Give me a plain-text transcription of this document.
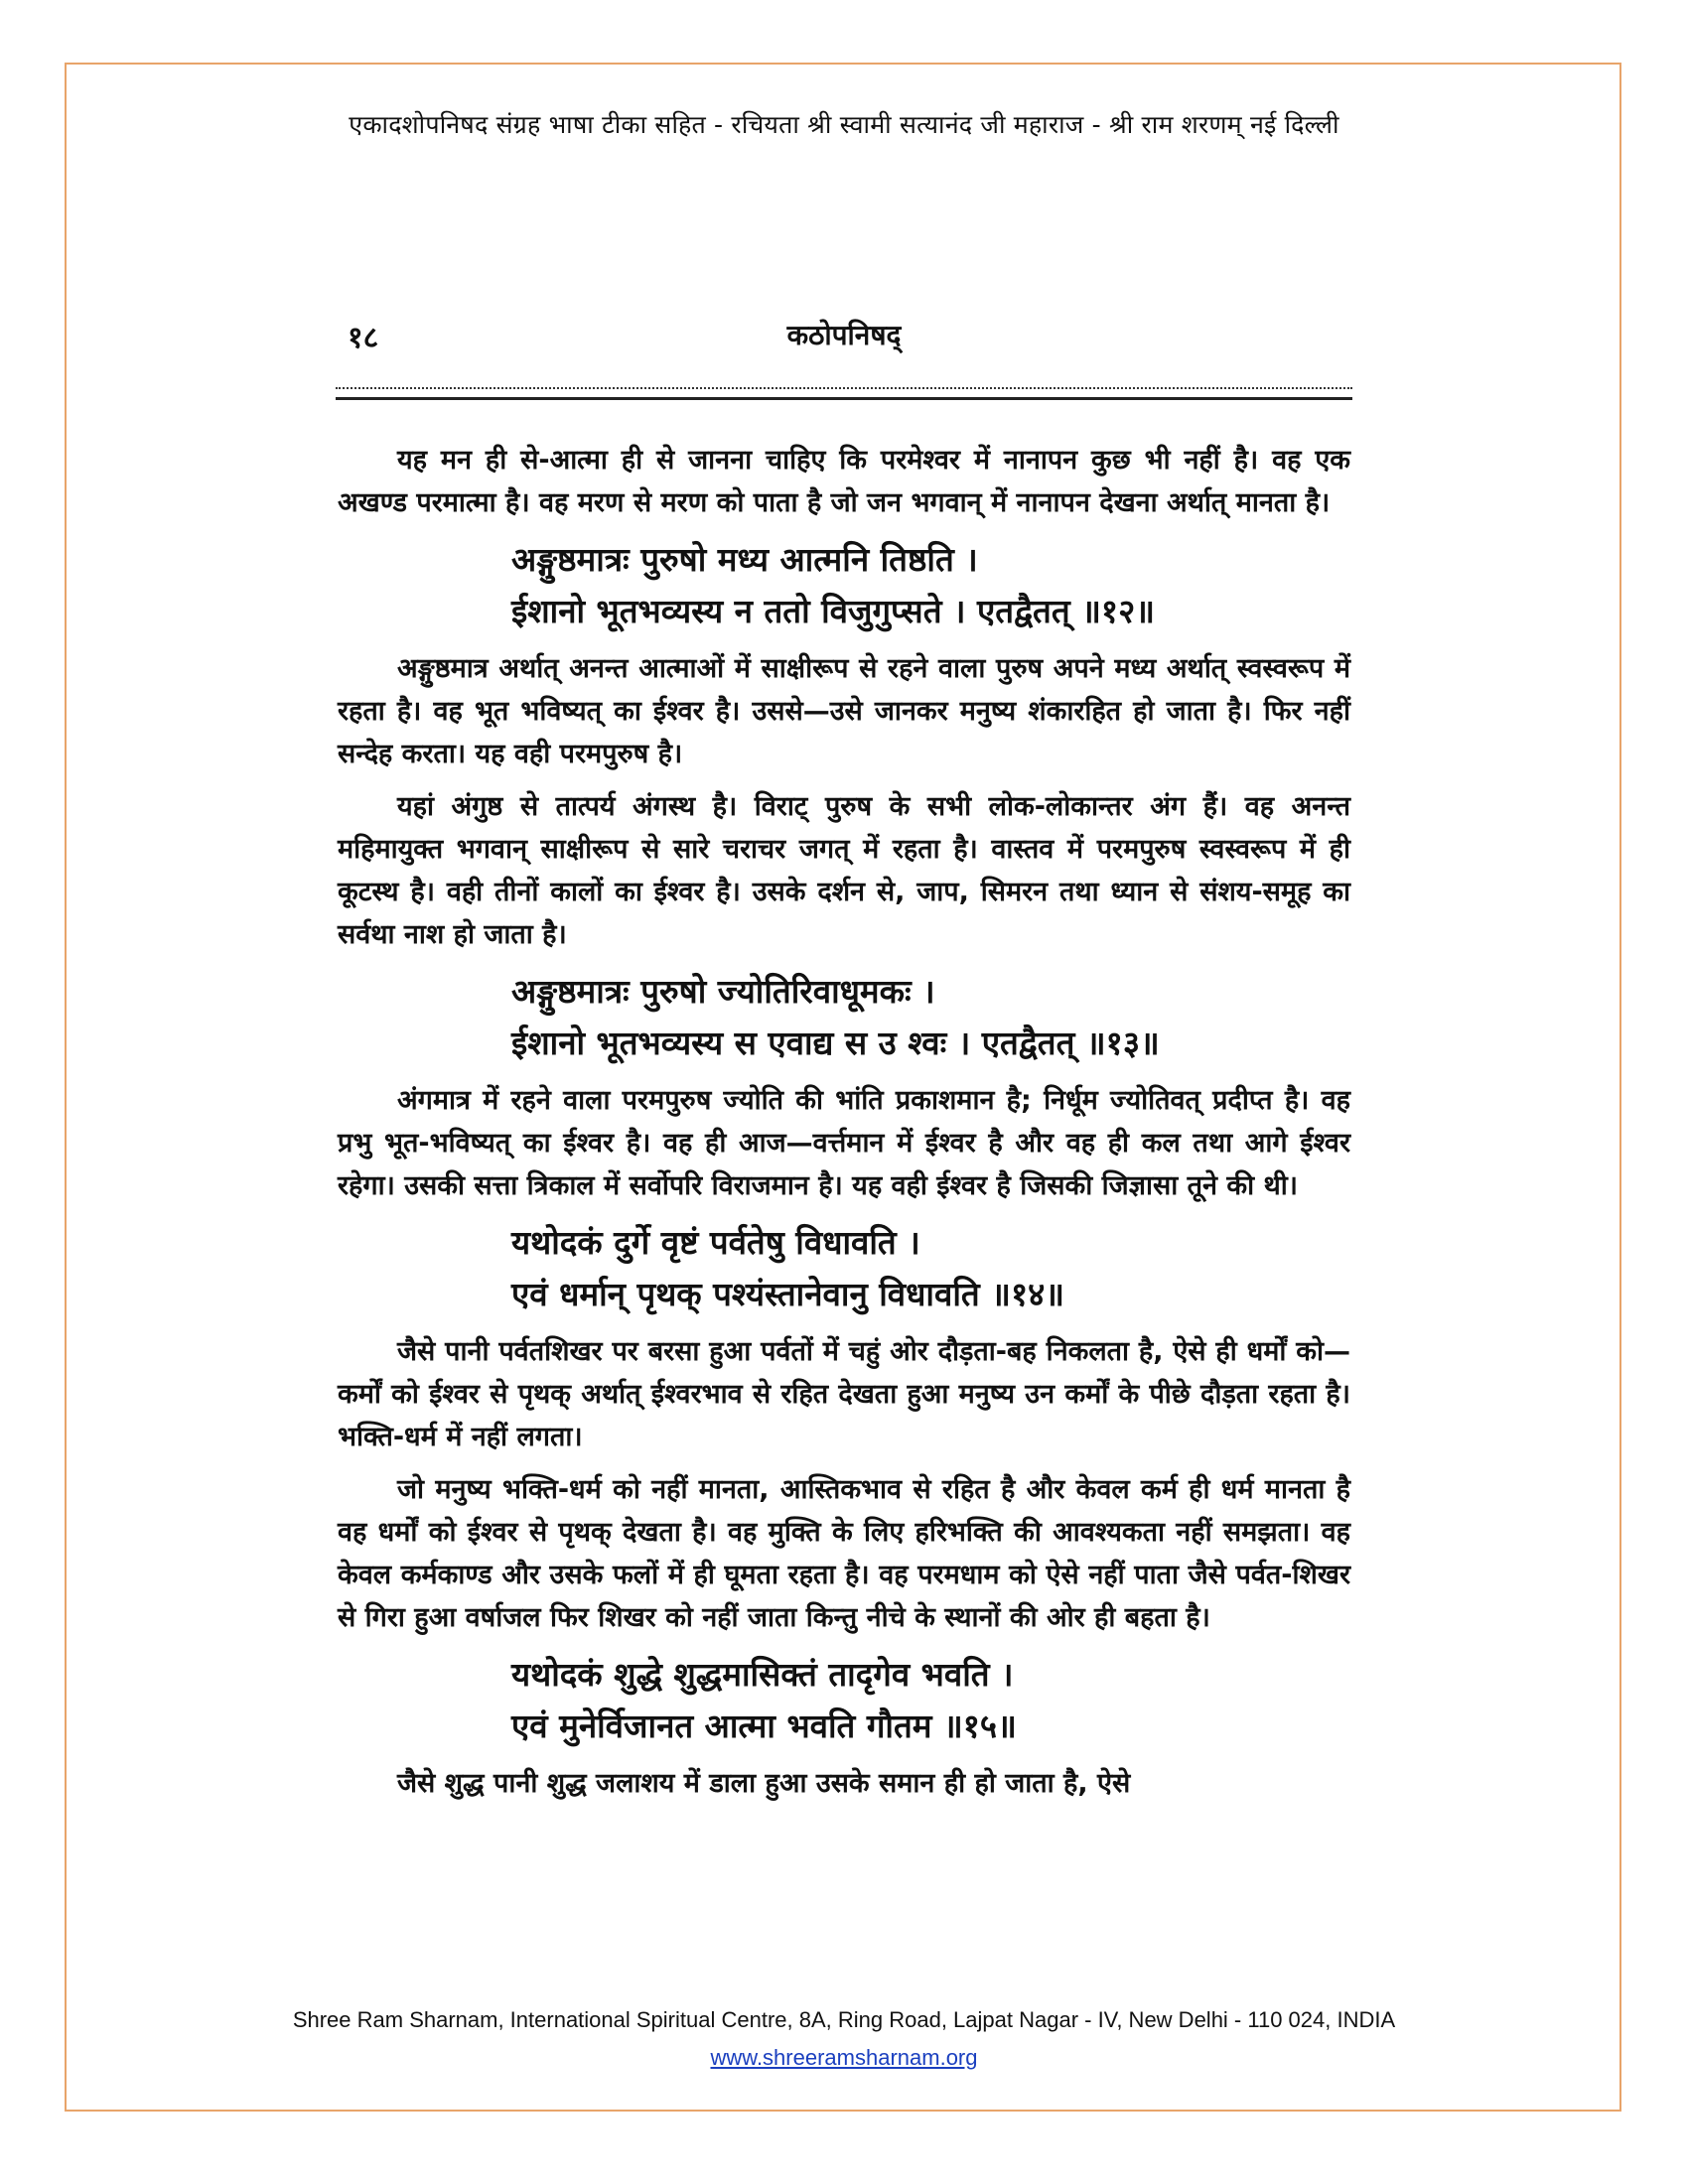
एकादशोपनिषद संग्रह भाषा टीका सहित - रचियता श्री स्वामी सत्यानंद जी महाराज - श्री राम शरणम् नई दिल्ली
१८	कठोपनिषद्

यह मन ही से-आत्मा ही से जानना चाहिए कि परमेश्वर में नानापन कुछ भी नहीं है। वह एक अखण्ड परमात्मा है। वह मरण से मरण को पाता है जो जन भगवान् में नानापन देखना अर्थात् मानता है।

अङ्गुष्ठमात्रः पुरुषो मध्य आत्मनि तिष्ठति ।
ईशानो भूतभव्यस्य न ततो विजुगुप्सते । एतद्वैतत् ॥१२॥

अङ्गुष्ठमात्र अर्थात् अनन्त आत्माओं में साक्षीरूप से रहने वाला पुरुष अपने मध्य अर्थात् स्वस्वरूप में रहता है। वह भूत भविष्यत् का ईश्वर है। उससे—उसे जानकर मनुष्य शंकारहित हो जाता है। फिर नहीं सन्देह करता। यह वही परमपुरुष है।

यहां अंगुष्ठ से तात्पर्य अंगस्थ है। विराट् पुरुष के सभी लोक-लोकान्तर अंग हैं। वह अनन्त महिमायुक्त भगवान् साक्षीरूप से सारे चराचर जगत् में रहता है। वास्तव में परमपुरुष स्वस्वरूप में ही कूटस्थ है। वही तीनों कालों का ईश्वर है। उसके दर्शन से, जाप, सिमरन तथा ध्यान से संशय-समूह का सर्वथा नाश हो जाता है।

अङ्गुष्ठमात्रः पुरुषो ज्योतिरिवाधूमकः ।
ईशानो भूतभव्यस्य स एवाद्य स उ श्वः । एतद्वैतत् ॥१३॥

अंगमात्र में रहने वाला परमपुरुष ज्योति की भांति प्रकाशमान है; निर्धूम ज्योतिवत् प्रदीप्त है। वह प्रभु भूत-भविष्यत् का ईश्वर है। वह ही आज—वर्त्तमान में ईश्वर है और वह ही कल तथा आगे ईश्वर रहेगा। उसकी सत्ता त्रिकाल में सर्वोपरि विराजमान है। यह वही ईश्वर है जिसकी जिज्ञासा तूने की थी।

यथोदकं दुर्गे वृष्टं पर्वतेषु विधावति ।
एवं धर्मान् पृथक् पश्यंस्तानेवानु विधावति ॥१४॥

जैसे पानी पर्वतशिखर पर बरसा हुआ पर्वतों में चहुं ओर दौड़ता-बह निकलता है, ऐसे ही धर्मों को—कर्मों को ईश्वर से पृथक् अर्थात् ईश्वरभाव से रहित देखता हुआ मनुष्य उन कर्मों के पीछे दौड़ता रहता है। भक्ति-धर्म में नहीं लगता।

जो मनुष्य भक्ति-धर्म को नहीं मानता, आस्तिकभाव से रहित है और केवल कर्म ही धर्म मानता है वह धर्मों को ईश्वर से पृथक् देखता है। वह मुक्ति के लिए हरिभक्ति की आवश्यकता नहीं समझता। वह केवल कर्मकाण्ड और उसके फलों में ही घूमता रहता है। वह परमधाम को ऐसे नहीं पाता जैसे पर्वत-शिखर से गिरा हुआ वर्षाजल फिर शिखर को नहीं जाता किन्तु नीचे के स्थानों की ओर ही बहता है।

यथोदकं शुद्धे शुद्धमासिक्तं तादृगेव भवति ।
एवं मुनेर्विजानत आत्मा भवति गौतम ॥१५॥

जैसे शुद्ध पानी शुद्ध जलाशय में डाला हुआ उसके समान ही हो जाता है, ऐसे

Shree Ram Sharnam, International Spiritual Centre, 8A, Ring Road, Lajpat Nagar - IV, New Delhi - 110 024, INDIA
www.shreeramsharnam.org
